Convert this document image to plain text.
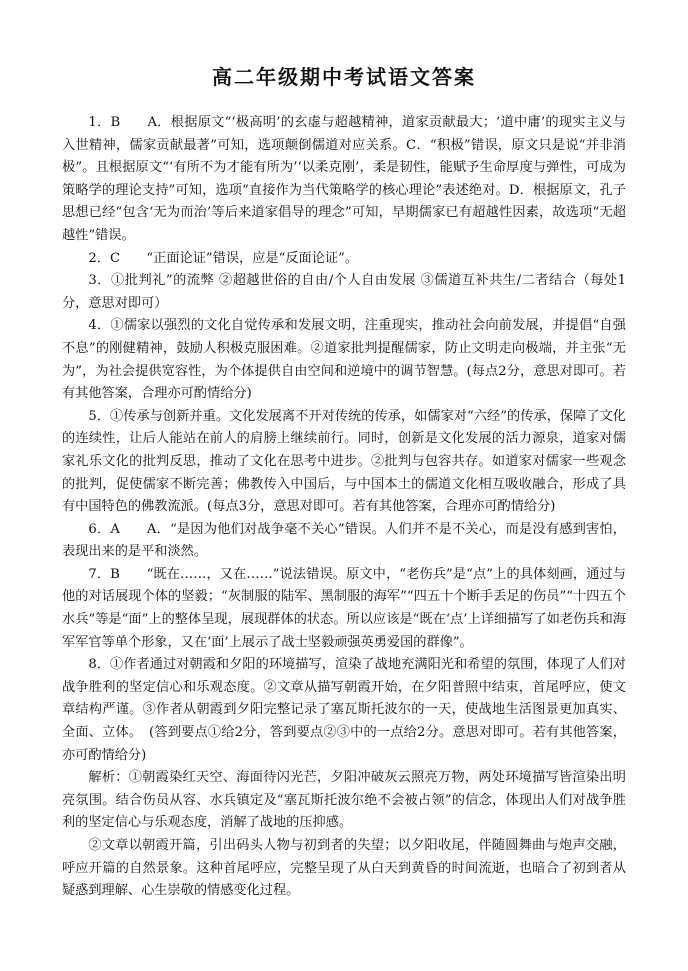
高二年级期中考试语文答案

1．B　　A．根据原文“‘极高明’的玄虚与超越精神，道家贡献最大；‘道中庸’的现实主义与入世精神，儒家贡献最著”可知，选项颠倒儒道对应关系。C．“积极”错误，原文只是说“并非消极”。且根据原文“‘有所不为才能有所为’‘以柔克刚’，柔是韧性，能赋予生命厚度与弹性，可成为策略学的理论支持”可知，选项“直接作为当代策略学的核心理论”表述绝对。D．根据原文，孔子思想已经“包含‘无为而治’等后来道家倡导的理念”可知，早期儒家已有超越性因素，故选项“无超越性”错误。

2．C　　“正面论证”错误，应是“反面论证”。

3．①批判礼”的流弊 ②超越世俗的自由/个人自由发展 ③儒道互补共生/二者结合（每处1分，意思对即可）

4．①儒家以强烈的文化自觉传承和发展文明，注重现实，推动社会向前发展，并提倡“自强不息”的刚健精神，鼓励人积极克服困难。②道家批判提醒儒家，防止文明走向极端，并主张“无为”，为社会提供宽容性，为个体提供自由空间和逆境中的调节智慧。(每点2分，意思对即可。若有其他答案，合理亦可酌情给分)

5．①传承与创新并重。文化发展离不开对传统的传承，如儒家对“六经”的传承，保障了文化的连续性，让后人能站在前人的肩膀上继续前行。同时，创新是文化发展的活力源泉，道家对儒家礼乐文化的批判反思，推动了文化在思考中进步。②批判与包容共存。如道家对儒家一些观念的批判，促使儒家不断完善；佛教传入中国后，与中国本土的儒道文化相互吸收融合，形成了具有中国特色的佛教流派。(每点3分，意思对即可。若有其他答案，合理亦可酌情给分)

6．A　　A．“是因为他们对战争毫不关心”错误。人们并不是不关心，而是没有感到害怕，表现出来的是平和淡然。

7．B　　“既在……，又在……”说法错误。原文中，“老伤兵”是“点”上的具体刻画，通过与他的对话展现个体的坚毅；“灰制服的陆军、黑制服的海军”“四五十个断手丢足的伤员”“十四五个水兵”等是“面”上的整体呈现，展现群体的状态。所以应该是“既在‘点’上详细描写了如老伤兵和海军军官等单个形象，又在‘面’上展示了战士坚毅顽强英勇爱国的群像”。

8．①作者通过对朝霞和夕阳的环境描写，渲染了战地充满阳光和希望的氛围，体现了人们对战争胜利的坚定信心和乐观态度。②文章从描写朝霞开始，在夕阳普照中结束，首尾呼应，使文章结构严谨。③作者从朝霞到夕阳完整记录了塞瓦斯托波尔的一天，使战地生活图景更加真实、全面、立体。　(答到要点①给2分，答到要点②③中的一点给2分。意思对即可。若有其他答案，亦可酌情给分)

解析：①朝霞染红天空、海面待闪光芒，夕阳冲破灰云照亮万物，两处环境描写皆渲染出明亮氛围。结合伤员从容、水兵镇定及“塞瓦斯托波尔绝不会被占领”的信念，体现出人们对战争胜利的坚定信心与乐观态度，消解了战地的压抑感。

②文章以朝霞开篇，引出码头人物与初到者的失望；以夕阳收尾，伴随圆舞曲与炮声交融，呼应开篇的自然景象。这种首尾呼应，完整呈现了从白天到黄昏的时间流逝，也暗合了初到者从疑惑到理解、心生崇敬的情感变化过程。
